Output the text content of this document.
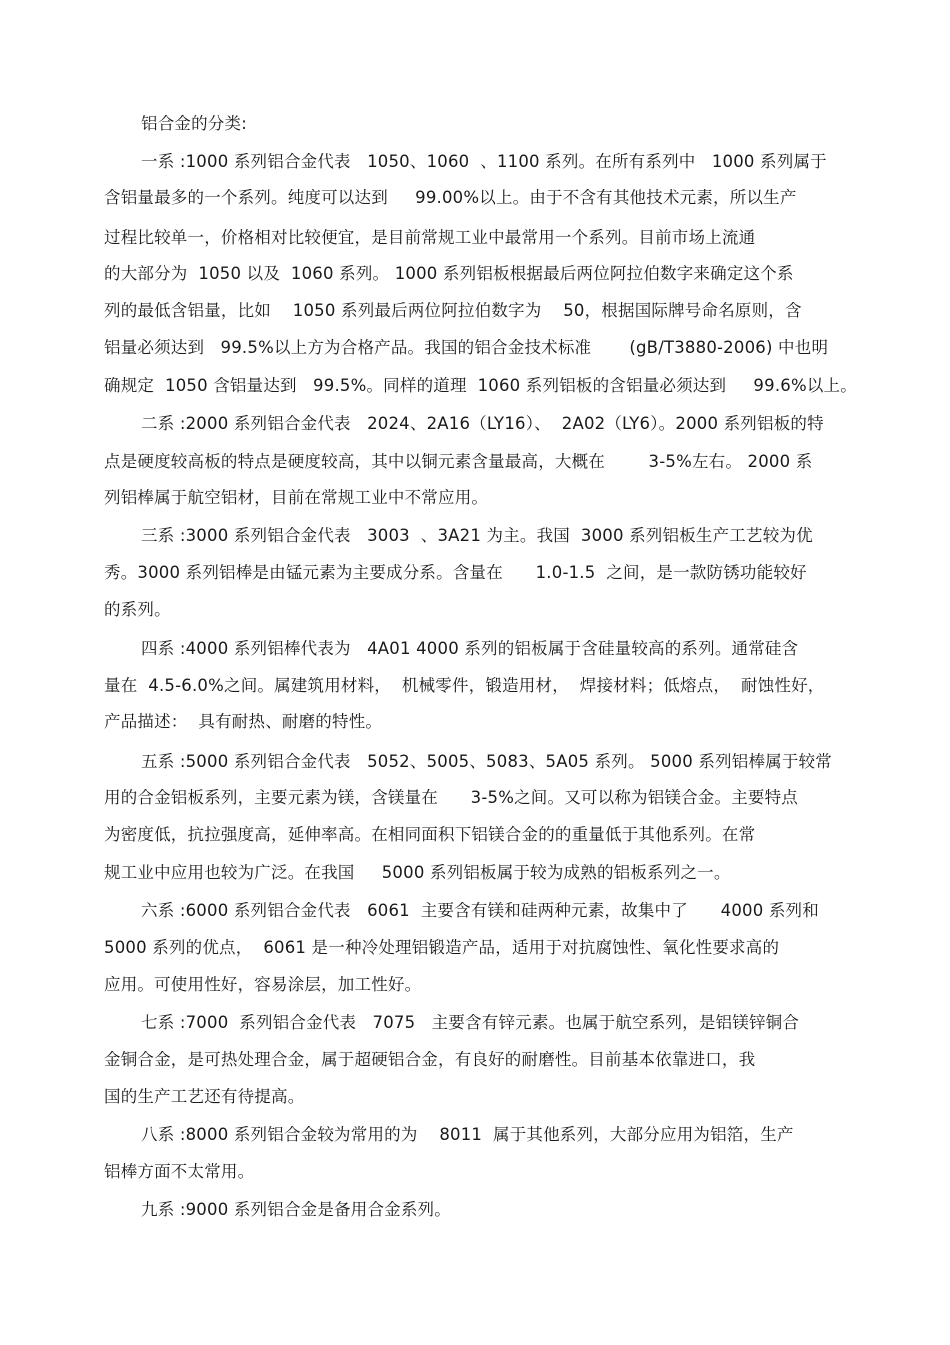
铝合金的分类:
一系 :1000 系列铝合金代表   1050、1060  、1100 系列。在所有系列中   1000 系列属于
含铝量最多的一个系列。纯度可以达到     99.00%以上。由于不含有其他技术元素，所以生产
过程比较单一，价格相对比较便宜，是目前常规工业中最常用一个系列。目前市场上流通
的大部分为  1050 以及  1060 系列。 1000 系列铝板根据最后两位阿拉伯数字来确定这个系
列的最低含铝量，比如    1050 系列最后两位阿拉伯数字为    50，根据国际牌号命名原则，含
铝量必须达到   99.5%以上方为合格产品。我国的铝合金技术标准       (gB/T3880-2006) 中也明
确规定  1050 含铝量达到   99.5%。同样的道理  1060 系列铝板的含铝量必须达到     99.6%以上。
二系 :2000 系列铝合金代表   2024、2A16（LY16）、  2A02（LY6）。2000 系列铝板的特
点是硬度较高板的特点是硬度较高，其中以铜元素含量最高，大概在        3-5%左右。 2000 系
列铝棒属于航空铝材，目前在常规工业中不常应用。
三系 :3000 系列铝合金代表   3003  、3A21 为主。我国  3000 系列铝板生产工艺较为优
秀。3000 系列铝棒是由锰元素为主要成分系。含量在      1.0-1.5  之间，是一款防锈功能较好
的系列。
四系 :4000 系列铝棒代表为   4A01 4000 系列的铝板属于含硅量较高的系列。通常硅含
量在  4.5-6.0%之间。属建筑用材料，  机械零件，锻造用材，  焊接材料；低熔点，  耐蚀性好，
产品描述：  具有耐热、耐磨的特性。
五系 :5000 系列铝合金代表   5052、5005、5083、5A05 系列。 5000 系列铝棒属于较常
用的合金铝板系列，主要元素为镁，含镁量在      3-5%之间。又可以称为铝镁合金。主要特点
为密度低，抗拉强度高，延伸率高。在相同面积下铝镁合金的的重量低于其他系列。在常
规工业中应用也较为广泛。在我国     5000 系列铝板属于较为成熟的铝板系列之一。
六系 :6000 系列铝合金代表   6061  主要含有镁和硅两种元素，故集中了      4000 系列和
5000 系列的优点，  6061 是一种冷处理铝锻造产品，适用于对抗腐蚀性、氧化性要求高的
应用。可使用性好，容易涂层，加工性好。
七系 :7000  系列铝合金代表   7075   主要含有锌元素。也属于航空系列，是铝镁锌铜合
金铜合金，是可热处理合金，属于超硬铝合金，有良好的耐磨性。目前基本依靠进口，我
国的生产工艺还有待提高。
八系 :8000 系列铝合金较为常用的为    8011  属于其他系列，大部分应用为铝箔，生产
铝棒方面不太常用。
九系 :9000 系列铝合金是备用合金系列。
